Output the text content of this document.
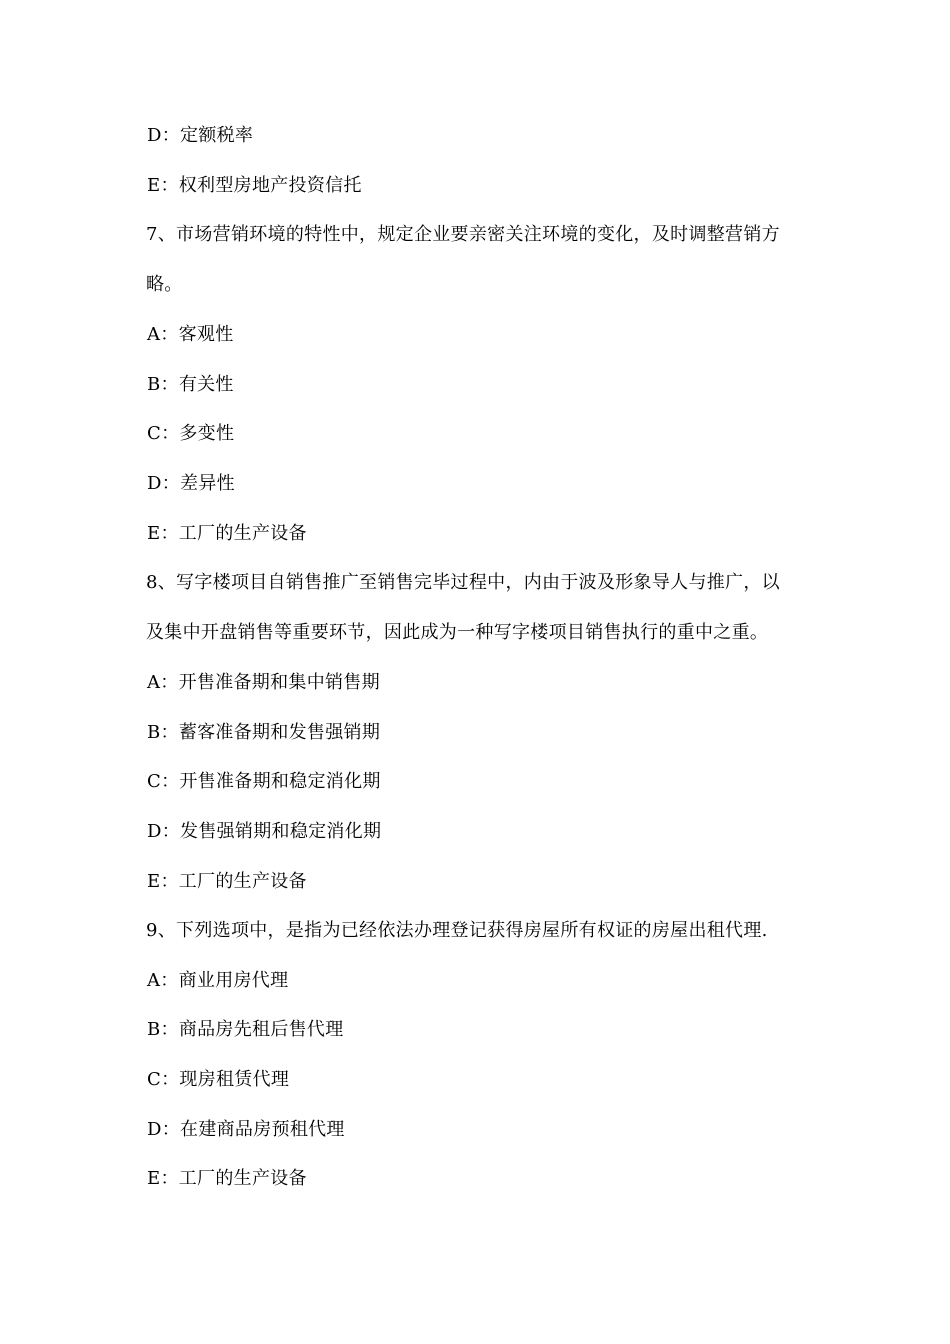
D：定额税率
E：权利型房地产投资信托
7、市场营销环境的特性中，规定企业要亲密关注环境的变化，及时调整营销方
略。
A：客观性
B：有关性
C：多变性
D：差异性
E：工厂的生产设备
8、写字楼项目自销售推广至销售完毕过程中，内由于波及形象导人与推广，以
及集中开盘销售等重要环节，因此成为一种写字楼项目销售执行的重中之重。
A：开售准备期和集中销售期
B：蓄客准备期和发售强销期
C：开售准备期和稳定消化期
D：发售强销期和稳定消化期
E：工厂的生产设备
9、下列选项中，是指为已经依法办理登记获得房屋所有权证的房屋出租代理.
A：商业用房代理
B：商品房先租后售代理
C：现房租赁代理
D：在建商品房预租代理
E：工厂的生产设备
